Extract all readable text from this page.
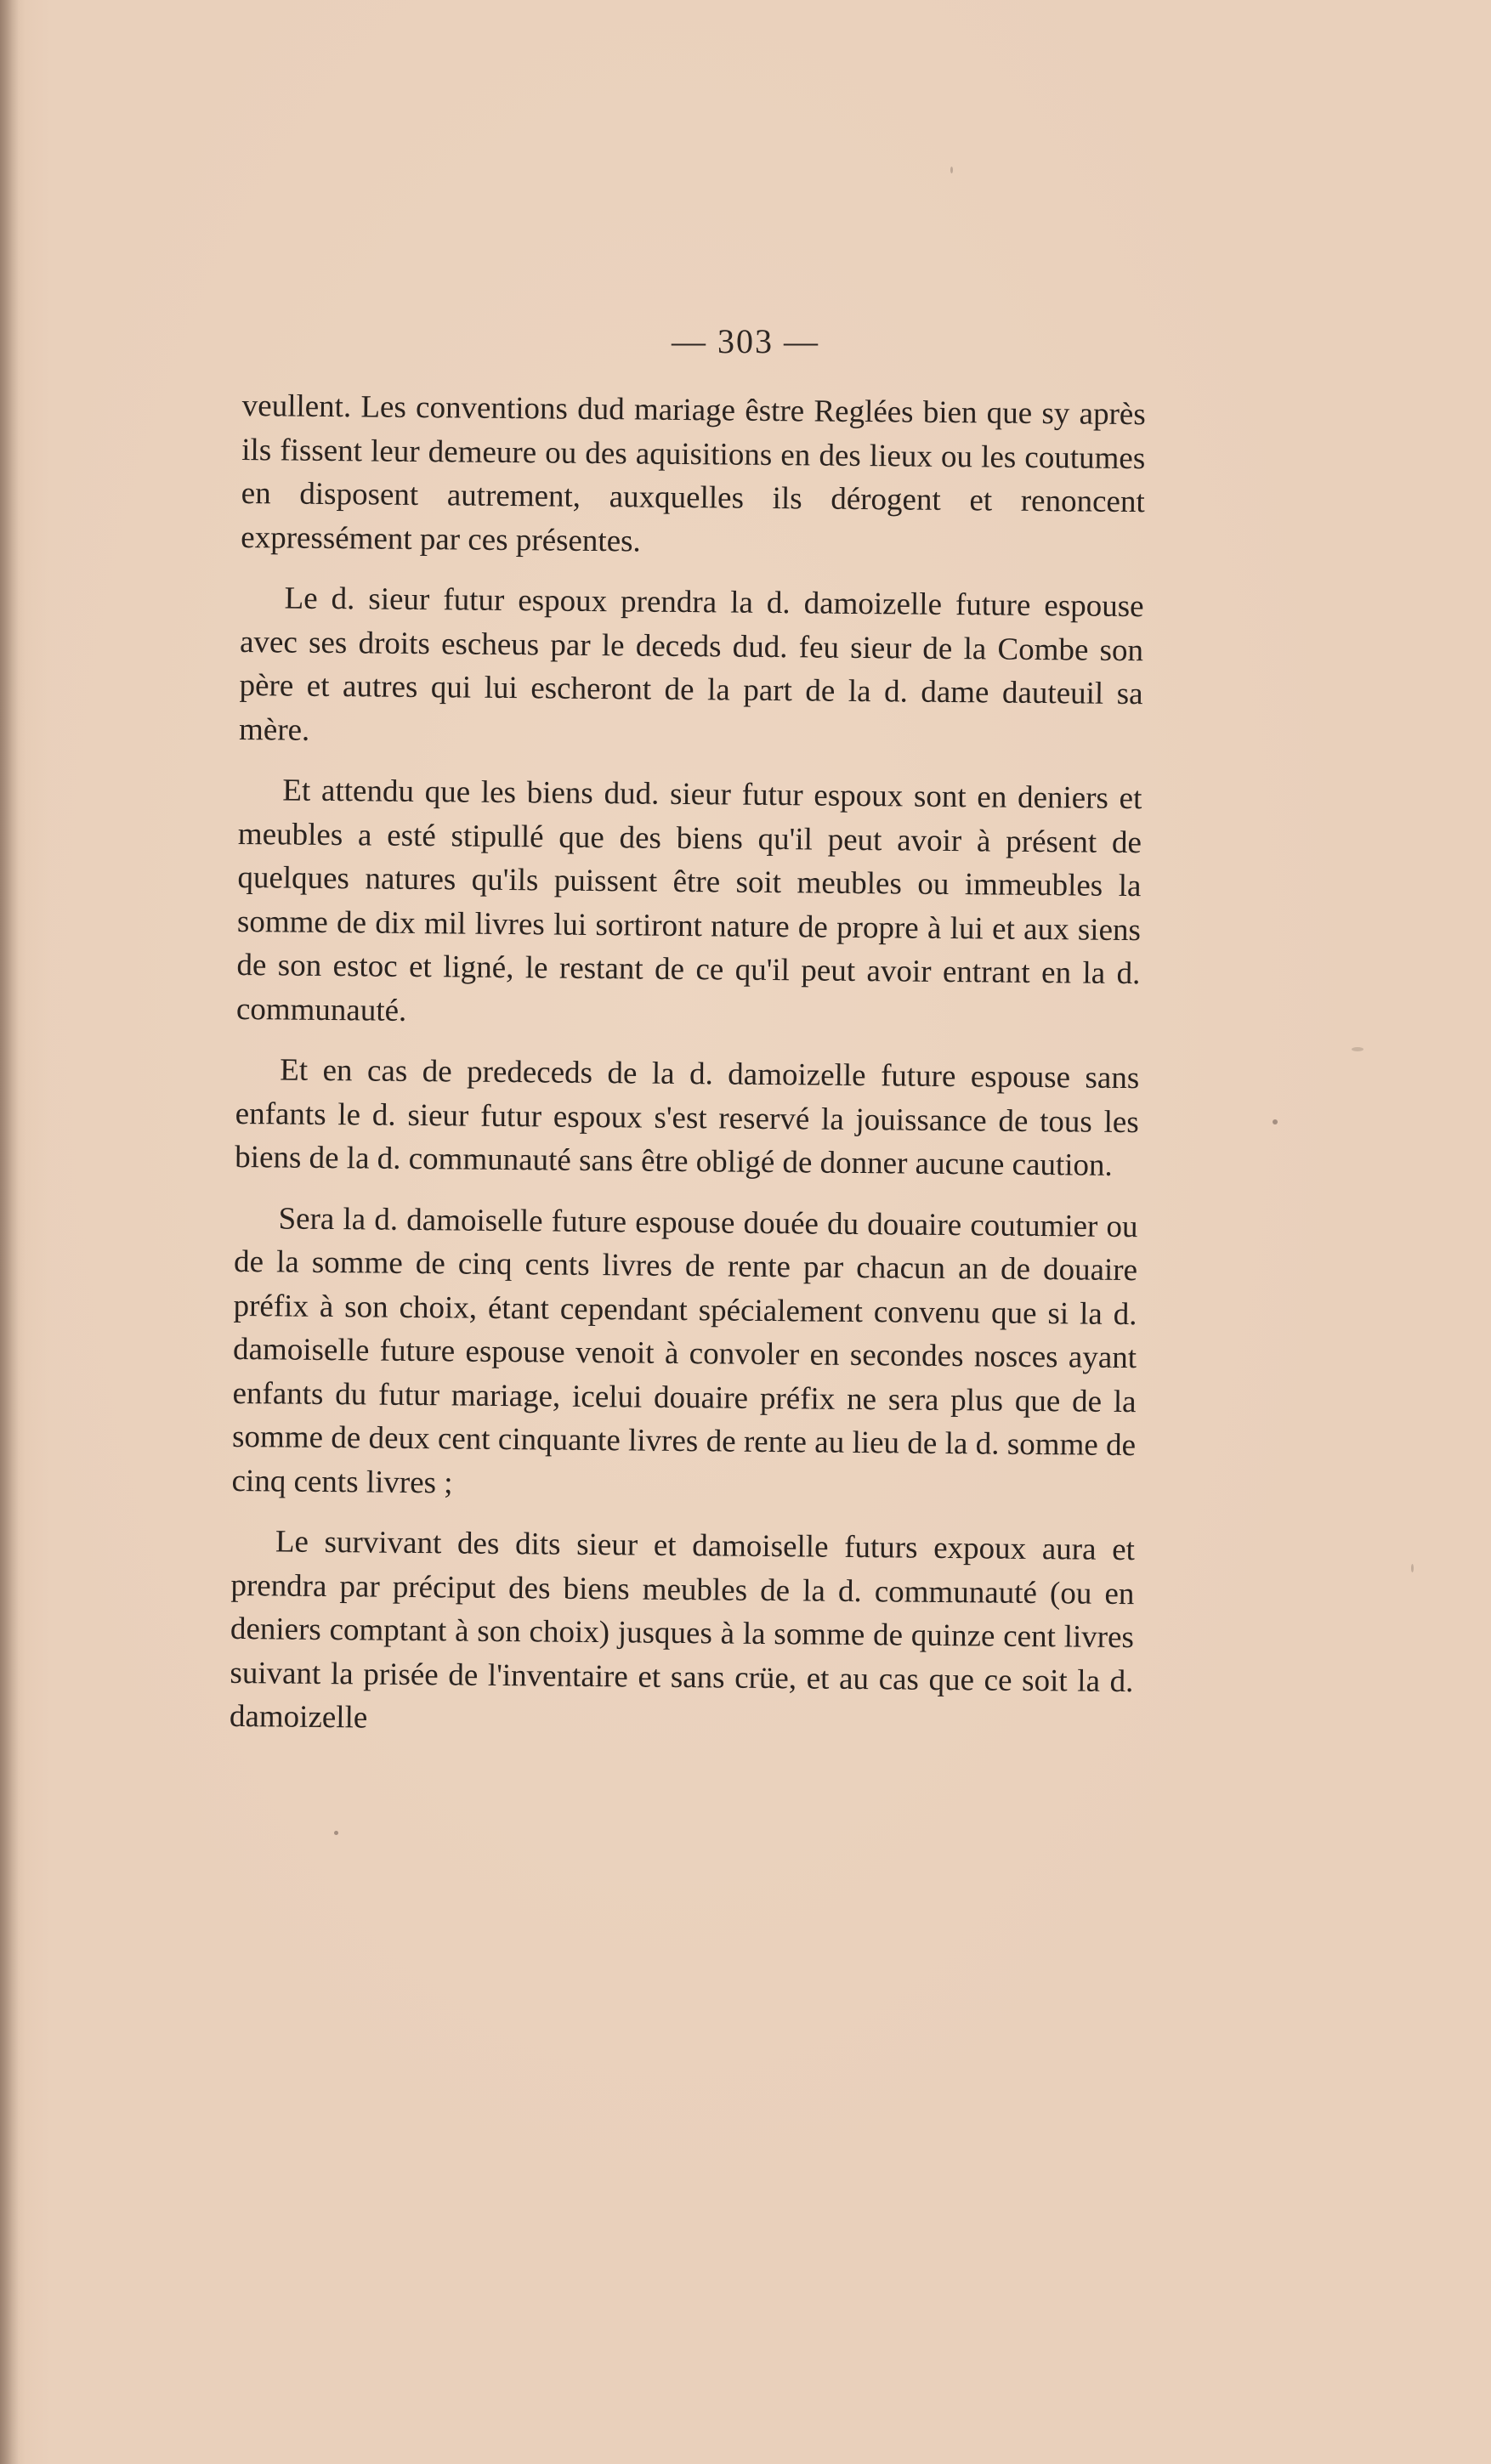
— 303 —

veullent. Les conventions dud mariage êstre Reglées bien que sy après ils fissent leur demeure ou des aquisitions en des lieux ou les coutumes en disposent autrement, auxquelles ils dérogent et renoncent expressément par ces présentes.

Le d. sieur futur espoux prendra la d. damoizelle future espouse avec ses droits escheus par le deceds dud. feu sieur de la Combe son père et autres qui lui escheront de la part de la d. dame dauteuil sa mère.

Et attendu que les biens dud. sieur futur espoux sont en deniers et meubles a esté stipullé que des biens qu'il peut avoir à présent de quelques natures qu'ils puissent être soit meubles ou immeubles la somme de dix mil livres lui sortiront nature de propre à lui et aux siens de son estoc et ligné, le restant de ce qu'il peut avoir entrant en la d. communauté.

Et en cas de predeceds de la d. damoizelle future espouse sans enfants le d. sieur futur espoux s'est reservé la jouissance de tous les biens de la d. communauté sans être obligé de donner aucune caution.

Sera la d. damoiselle future espouse douée du douaire coutumier ou de la somme de cinq cents livres de rente par chacun an de douaire préfix à son choix, étant cependant spécialement convenu que si la d. damoiselle future espouse venoit à convoler en secondes nosces ayant enfants du futur mariage, icelui douaire préfix ne sera plus que de la somme de deux cent cinquante livres de rente au lieu de la d. somme de cinq cents livres ;

Le survivant des dits sieur et damoiselle futurs expoux aura et prendra par préciput des biens meubles de la d. communauté (ou en deniers comptant à son choix) jusques à la somme de quinze cent livres suivant la prisée de l'inventaire et sans crüe, et au cas que ce soit la d. damoizelle
